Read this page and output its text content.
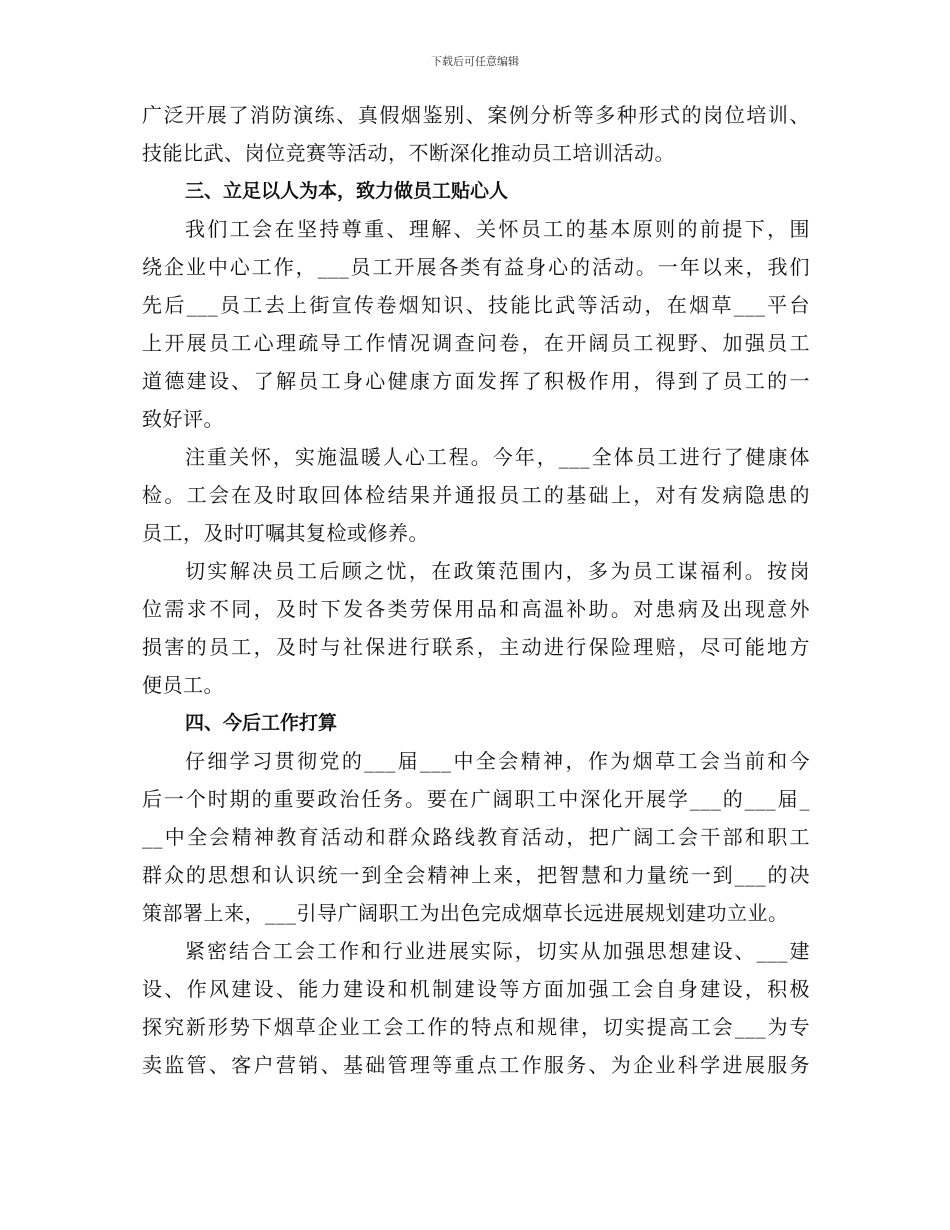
下载后可任意编辑
广泛开展了消防演练、真假烟鉴别、案例分析等多种形式的岗位培训、
技能比武、岗位竞赛等活动，不断深化推动员工培训活动。
三、立足以人为本，致力做员工贴心人
我们工会在坚持尊重、理解、关怀员工的基本原则的前提下，围
绕企业中心工作，___员工开展各类有益身心的活动。一年以来，我们
先后___员工去上街宣传卷烟知识、技能比武等活动，在烟草___平台
上开展员工心理疏导工作情况调查问卷，在开阔员工视野、加强员工
道德建设、了解员工身心健康方面发挥了积极作用，得到了员工的一
致好评。
注重关怀，实施温暖人心工程。今年，___全体员工进行了健康体
检。工会在及时取回体检结果并通报员工的基础上，对有发病隐患的
员工，及时叮嘱其复检或修养。
切实解决员工后顾之忧，在政策范围内，多为员工谋福利。按岗
位需求不同，及时下发各类劳保用品和高温补助。对患病及出现意外
损害的员工，及时与社保进行联系，主动进行保险理赔，尽可能地方
便员工。
四、今后工作打算
仔细学习贯彻党的___届___中全会精神，作为烟草工会当前和今
后一个时期的重要政治任务。要在广阔职工中深化开展学___的___届_
__中全会精神教育活动和群众路线教育活动，把广阔工会干部和职工
群众的思想和认识统一到全会精神上来，把智慧和力量统一到___的决
策部署上来，___引导广阔职工为出色完成烟草长远进展规划建功立业。
紧密结合工会工作和行业进展实际，切实从加强思想建设、___建
设、作风建设、能力建设和机制建设等方面加强工会自身建设，积极
探究新形势下烟草企业工会工作的特点和规律，切实提高工会___为专
卖监管、客户营销、基础管理等重点工作服务、为企业科学进展服务
